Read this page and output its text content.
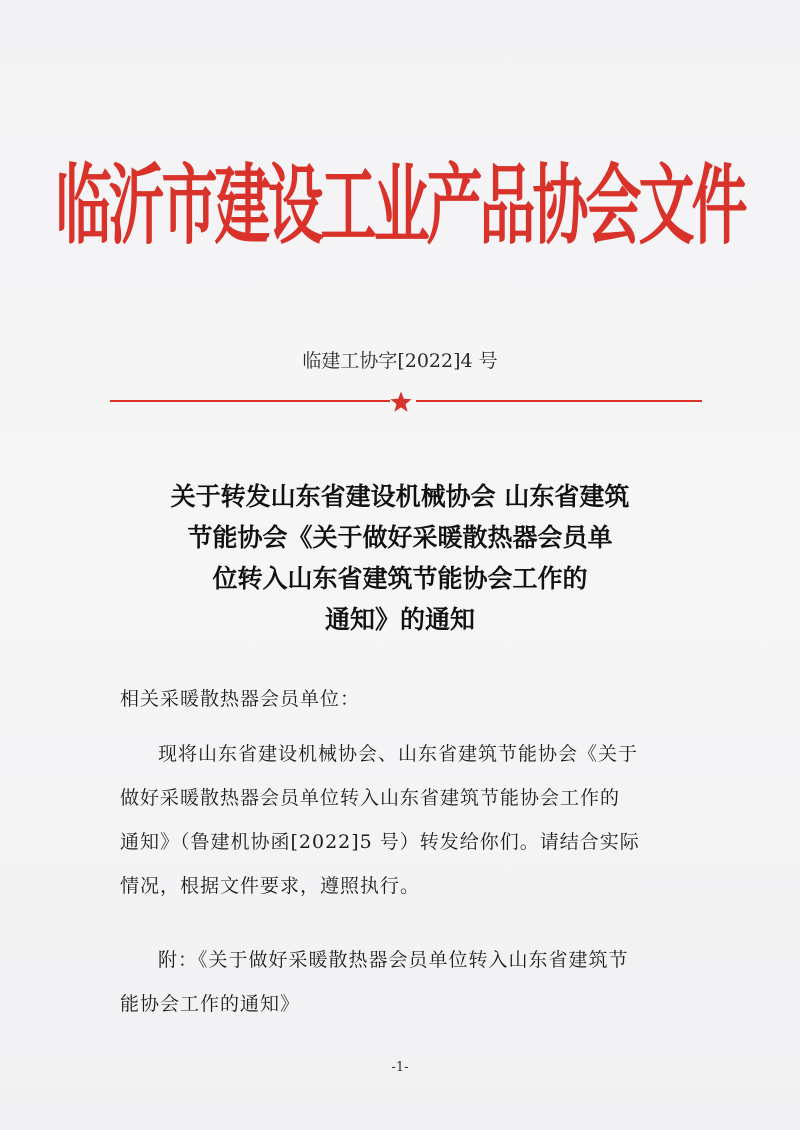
临沂市建设工业产品协会文件
临建工协字[2022]4 号
关于转发山东省建设机械协会 山东省建筑
节能协会《关于做好采暖散热器会员单
位转入山东省建筑节能协会工作的
通知》的通知
相关采暖散热器会员单位：
现将山东省建设机械协会、山东省建筑节能协会《关于
做好采暖散热器会员单位转入山东省建筑节能协会工作的
通知》（鲁建机协函[2022]5 号）转发给你们。请结合实际
情况，根据文件要求，遵照执行。
附：《关于做好采暖散热器会员单位转入山东省建筑节
能协会工作的通知》
-1-
